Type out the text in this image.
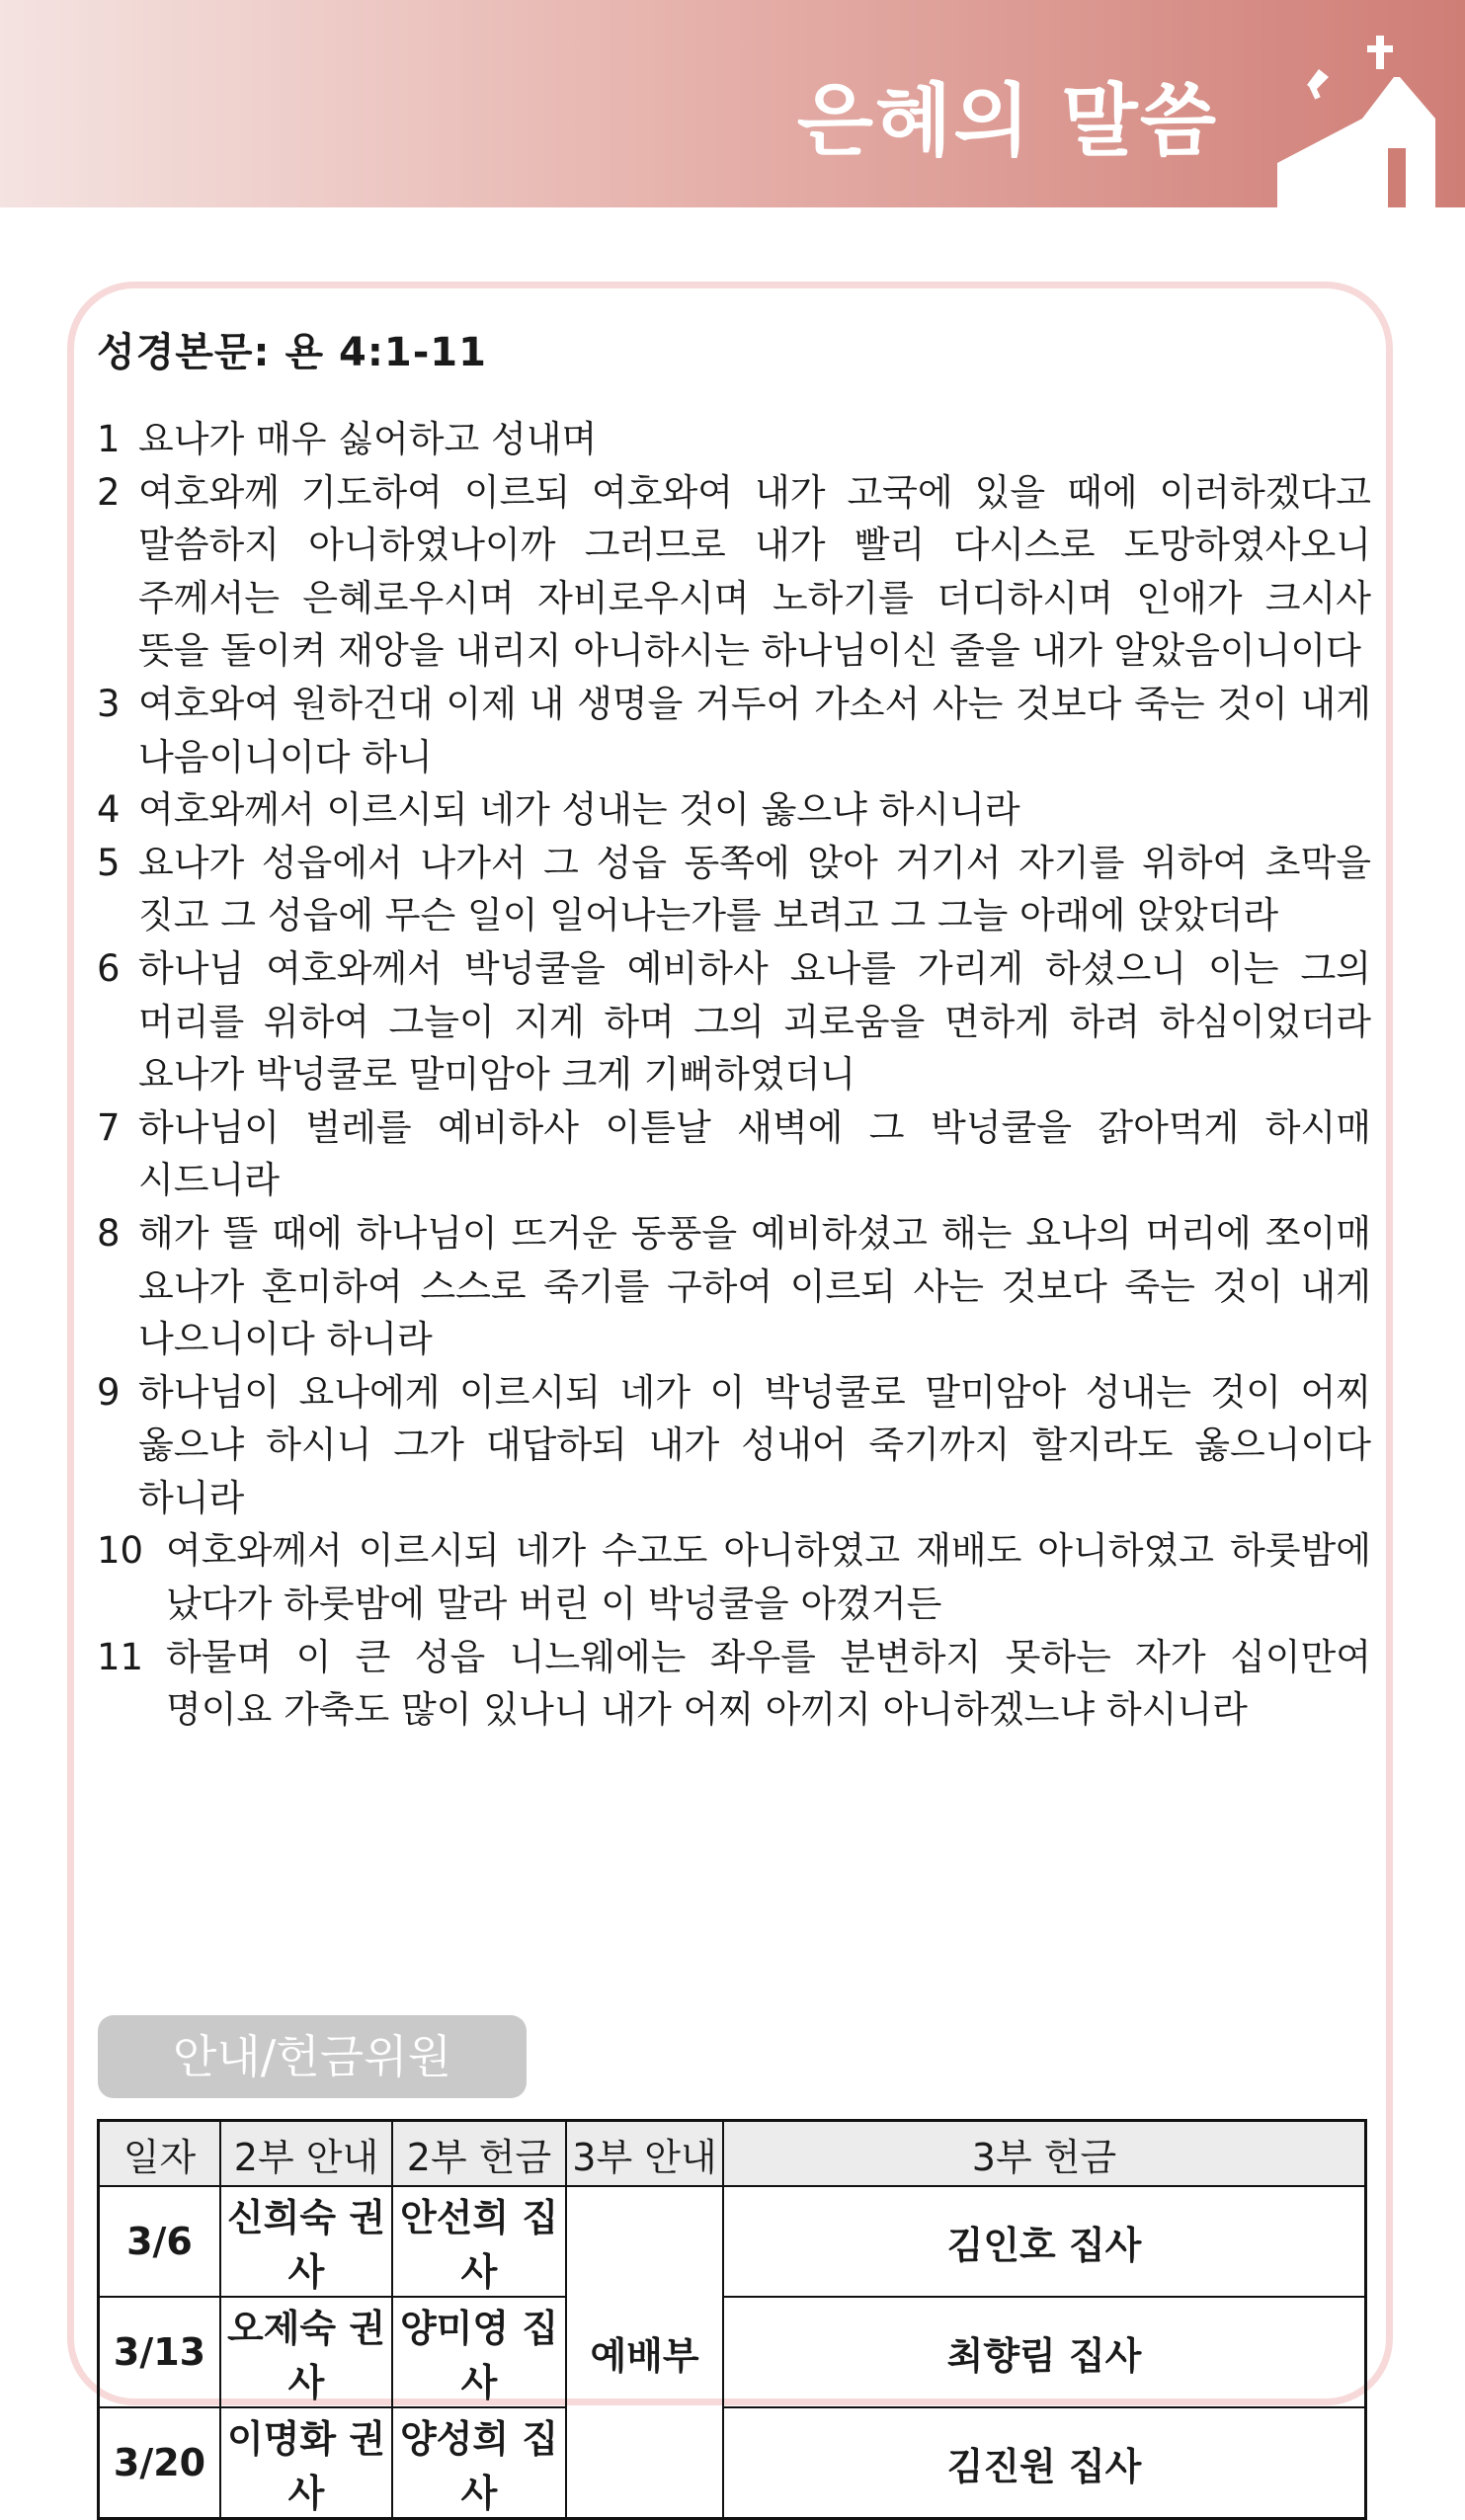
은혜의 말씀
성경본문: 욘 4:1-11
1 요나가 매우 싫어하고 성내며
2 여호와께 기도하여 이르되 여호와여 내가 고국에 있을 때에 이러하겠다고 말씀하지 아니하였나이까 그러므로 내가 빨리 다시스로 도망하였사오니 주께서는 은혜로우시며 자비로우시며 노하기를 더디하시며 인애가 크시사 뜻을 돌이켜 재앙을 내리지 아니하시는 하나님이신 줄을 내가 알았음이니이다
3 여호와여 원하건대 이제 내 생명을 거두어 가소서 사는 것보다 죽는 것이 내게 나음이니이다 하니
4 여호와께서 이르시되 네가 성내는 것이 옳으냐 하시니라
5 요나가 성읍에서 나가서 그 성읍 동쪽에 앉아 거기서 자기를 위하여 초막을 짓고 그 성읍에 무슨 일이 일어나는가를 보려고 그 그늘 아래에 앉았더라
6 하나님 여호와께서 박넝쿨을 예비하사 요나를 가리게 하셨으니 이는 그의 머리를 위하여 그늘이 지게 하며 그의 괴로움을 면하게 하려 하심이었더라 요나가 박넝쿨로 말미암아 크게 기뻐하였더니
7 하나님이 벌레를 예비하사 이튿날 새벽에 그 박넝쿨을 갉아먹게 하시매 시드니라
8 해가 뜰 때에 하나님이 뜨거운 동풍을 예비하셨고 해는 요나의 머리에 쪼이매 요나가 혼미하여 스스로 죽기를 구하여 이르되 사는 것보다 죽는 것이 내게 나으니이다 하니라
9 하나님이 요나에게 이르시되 네가 이 박넝쿨로 말미암아 성내는 것이 어찌 옳으냐 하시니 그가 대답하되 내가 성내어 죽기까지 할지라도 옳으니이다 하니라
10 여호와께서 이르시되 네가 수고도 아니하였고 재배도 아니하였고 하룻밤에 났다가 하룻밤에 말라 버린 이 박넝쿨을 아꼈거든
11 하물며 이 큰 성읍 니느웨에는 좌우를 분변하지 못하는 자가 십이만여 명이요 가축도 많이 있나니 내가 어찌 아끼지 아니하겠느냐 하시니라
안내/헌금위원
일자	2부 안내	2부 헌금	3부 안내	3부 헌금
3/6	신희숙 권사	안선희 집사	예배부	김인호 집사
3/13	오제숙 권사	양미영 집사		최향림 집사
3/20	이명화 권사	양성희 집사		김진원 집사
